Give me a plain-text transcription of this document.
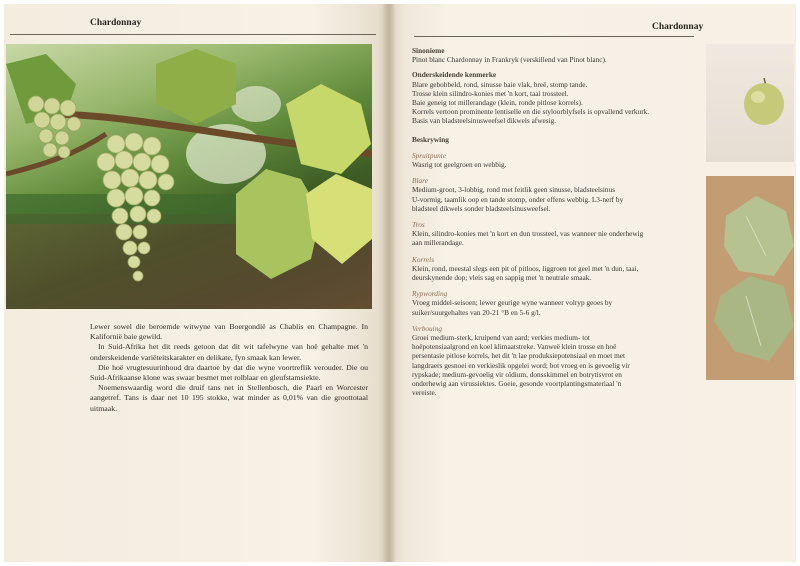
Chardonnay

Lewer sowel die beroemde witwyne van Boergondië as Chablis en Champagne. In Kalifornië baie gewild.

In Suid-Afrika het dit reeds getoon dat dit wit tafelwyne van hoë gehalte met 'n onderskeidende variëteitskarakter en delikate, fyn smaak kan lewer.

Die hoë vrugtesuurinhoud dra daartoe by dat die wyne voortreflik verouder. Die ou Suid-Afrikaanse klone was swaar besmet met rolblaar en gleufstamsiekte.

Noemenswaardig word die druif tans net in Stellenbosch, die Paarl en Worcester aangetref. Tans is daar net 10 195 stokke, wat minder as 0,01% van die groottotaal uitmaak.

Chardonnay
Sinonieme
Pinot blanc Chardonnay in Frankryk (verskillend van Pinot blanc).
Onderskeidende kenmerke
Blare gebobbeld, rond, sinusse baie vlak, breë, stomp tande.
Trosse klein silindro-konies met 'n kort, taai trossteel.
Baie geneig tot millerandage (klein, ronde pitlose korrels).
Korrels vertoon prominente lentiselle en die styloorblyfsels is opvallend verkurk.
Basis van bladsteelsinusweefsel dikwels afwesig.
Beskrywing
Spruitpunte
Wasrig tot geelgroen en webbig.
Blare
Medium-groot, 3-lobbig, rond met feitlik geen sinusse, bladsteelsinus
U-vormig, taamlik oop en tande stomp, onder effens webbig. L3-nerf by
bladsteel dikwels sonder bladsteelsinusweefsel.
Tros
Klein, silindro-konies met 'n kort en dun trossteel, vas wanneer nie onderhewig
aan millerandage.
Korrels
Klein, rond, meestal slegs een pit of pitloos, liggroen tot geel met 'n dun, taai,
deurskynende dop; vleis sag en sappig met 'n neutrale smaak.
Rypwording
Vroeg middel-seisoen; lewer geurige wyne wanneer volryp geoes by
suiker/suurgehaltes van 20-21 °B en 5-6 g/l.
Verbouing
Groei medium-sterk, kruipend van aard; verkies medium- tot
hoëpotensiaalgrond en koel klimaatstreke. Vanweë klein trosse en hoë
persentasie pitlose korrels, het dit 'n lae produksiepotensiaal en moet met
langdraers gesnoei en verkieslik opgelei word; bot vroeg en is gevoelig vir
rypskade; medium-gevoelig vir oïdium, donsskimmel en botrytisvrot en
onderhewig aan virussiektes. Goeie, gesonde voortplantingsmateriaal 'n
vereiste.
